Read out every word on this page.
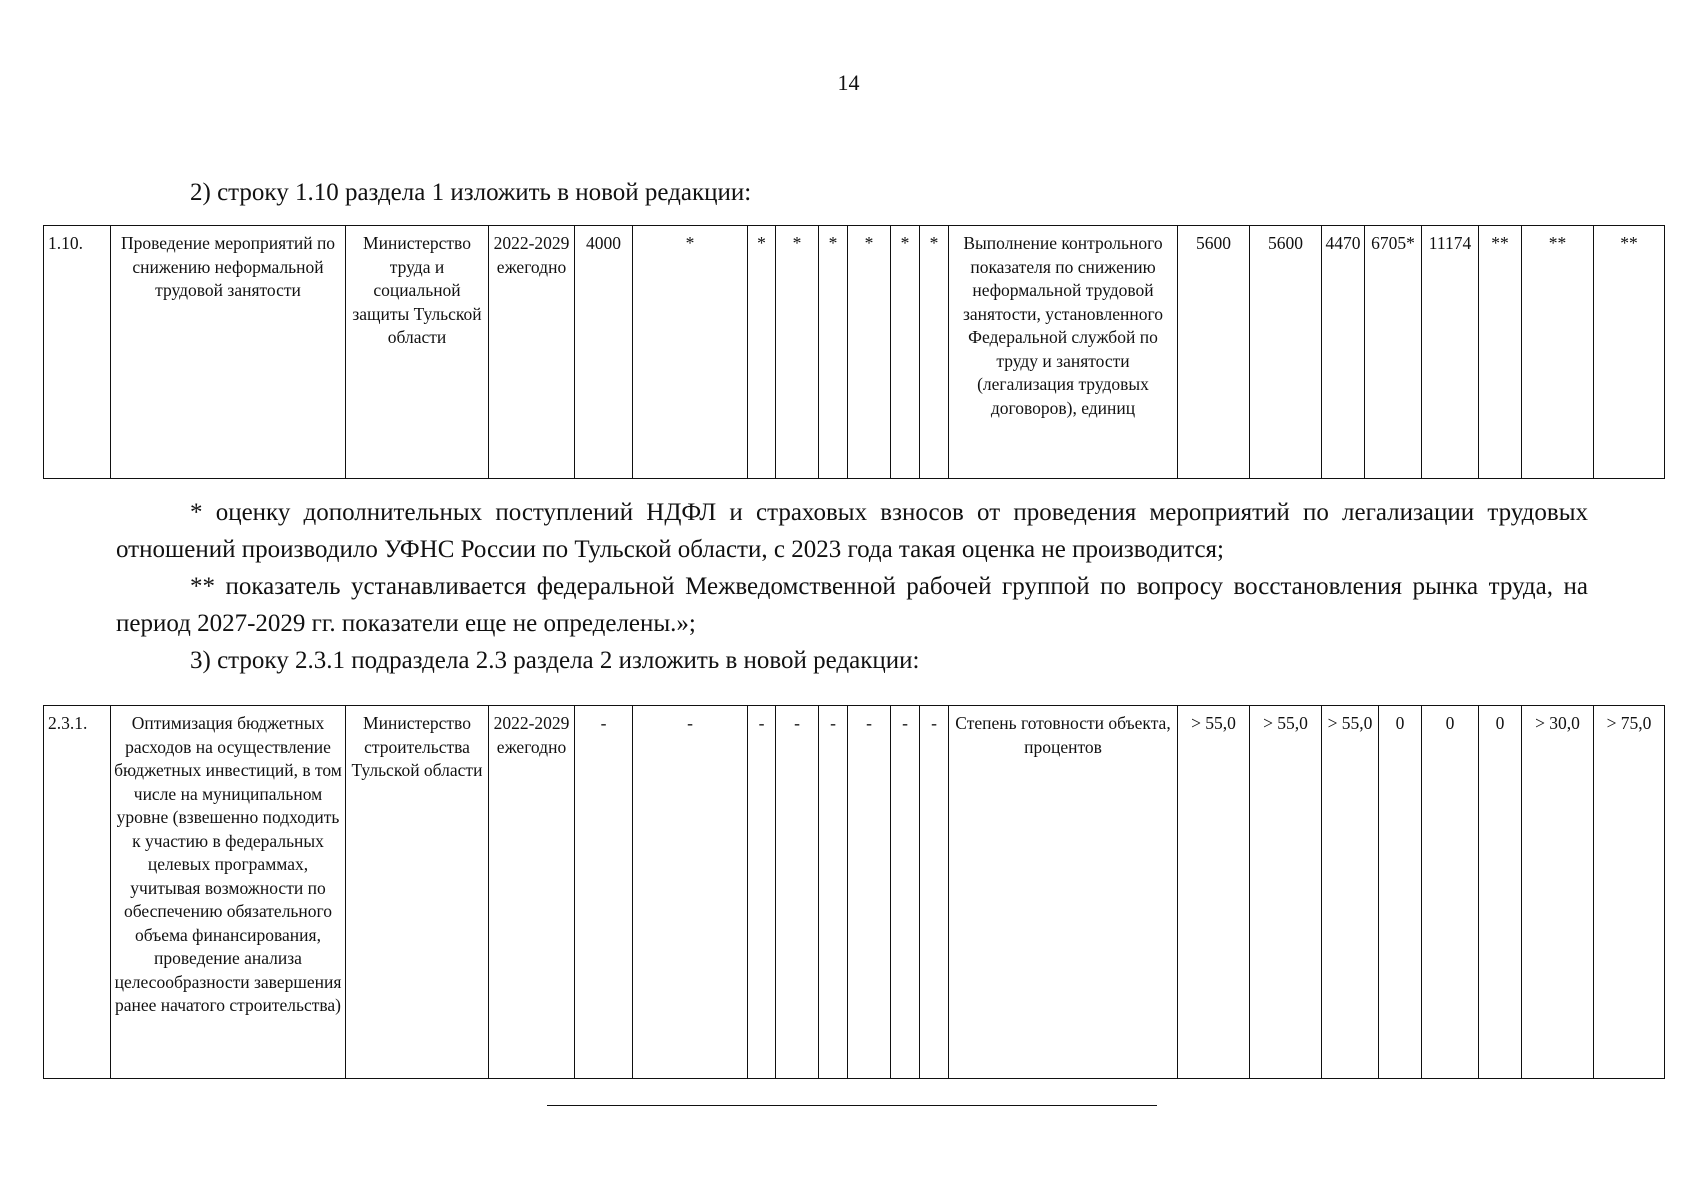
14
2) строку 1.10 раздела 1 изложить в новой редакции:
1.10.	Проведение мероприятий по снижению неформальной трудовой занятости	Министерство труда и социальной защиты Тульской области	2022-2029 ежегодно	4000	*	*	*	*	*	*	*	Выполнение контрольного показателя по снижению неформальной трудовой занятости, установленного Федеральной службой по труду и занятости (легализация трудовых договоров), единиц	5600	5600	4470	6705*	11174	**	**	**
* оценку дополнительных поступлений НДФЛ и страховых взносов от проведения мероприятий по легализации трудовых отношений производило УФНС России по Тульской области, с 2023 года такая оценка не производится;
** показатель устанавливается федеральной Межведомственной рабочей группой по вопросу восстановления рынка труда, на период 2027-2029 гг. показатели еще не определены.»;
3) строку 2.3.1 подраздела 2.3 раздела 2 изложить в новой редакции:
2.3.1.	Оптимизация бюджетных расходов на осуществление бюджетных инвестиций, в том числе на муниципальном уровне (взвешенно подходить к участию в федеральных целевых программах, учитывая возможности по обеспечению обязательного объема финансирования, проведение анализа целесообразности завершения ранее начатого строительства)	Министерство строительства Тульской области	2022-2029 ежегодно	-	-	-	-	-	-	-	-	Степень готовности объекта, процентов	> 55,0	> 55,0	> 55,0	0	0	0	> 30,0	> 75,0
